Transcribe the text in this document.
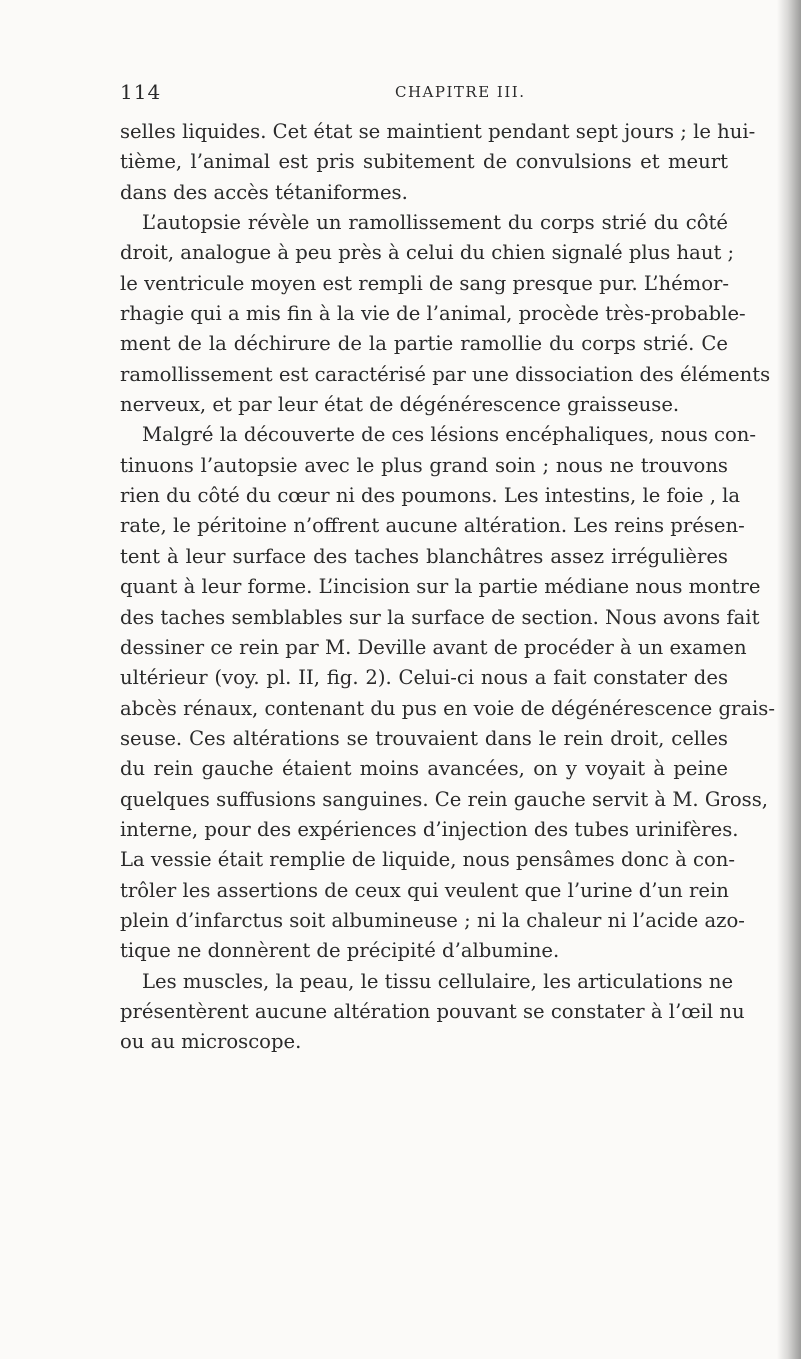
114	CHAPITRE III.
selles liquides. Cet état se maintient pendant sept jours ; le hui-
tième, l’animal est pris subitement de convulsions et meurt
dans des accès tétaniformes.
L’autopsie révèle un ramollissement du corps strié du côté
droit, analogue à peu près à celui du chien signalé plus haut ;
le ventricule moyen est rempli de sang presque pur. L’hémor-
rhagie qui a mis fin à la vie de l’animal, procède très-probable-
ment de la déchirure de la partie ramollie du corps strié. Ce
ramollissement est caractérisé par une dissociation des éléments
nerveux, et par leur état de dégénérescence graisseuse.
Malgré la découverte de ces lésions encéphaliques, nous con-
tinuons l’autopsie avec le plus grand soin ; nous ne trouvons
rien du côté du cœur ni des poumons. Les intestins, le foie , la
rate, le péritoine n’offrent aucune altération. Les reins présen-
tent à leur surface des taches blanchâtres assez irrégulières
quant à leur forme. L’incision sur la partie médiane nous montre
des taches semblables sur la surface de section. Nous avons fait
dessiner ce rein par M. Deville avant de procéder à un examen
ultérieur (voy. pl. II, fig. 2). Celui-ci nous a fait constater des
abcès rénaux, contenant du pus en voie de dégénérescence grais-
seuse. Ces altérations se trouvaient dans le rein droit, celles
du rein gauche étaient moins avancées, on y voyait à peine
quelques suffusions sanguines. Ce rein gauche servit à M. Gross,
interne, pour des expériences d’injection des tubes urinifères.
La vessie était remplie de liquide, nous pensâmes donc à con-
trôler les assertions de ceux qui veulent que l’urine d’un rein
plein d’infarctus soit albumineuse ; ni la chaleur ni l’acide azo-
tique ne donnèrent de précipité d’albumine.
Les muscles, la peau, le tissu cellulaire, les articulations ne
présentèrent aucune altération pouvant se constater à l’œil nu
ou au microscope.
